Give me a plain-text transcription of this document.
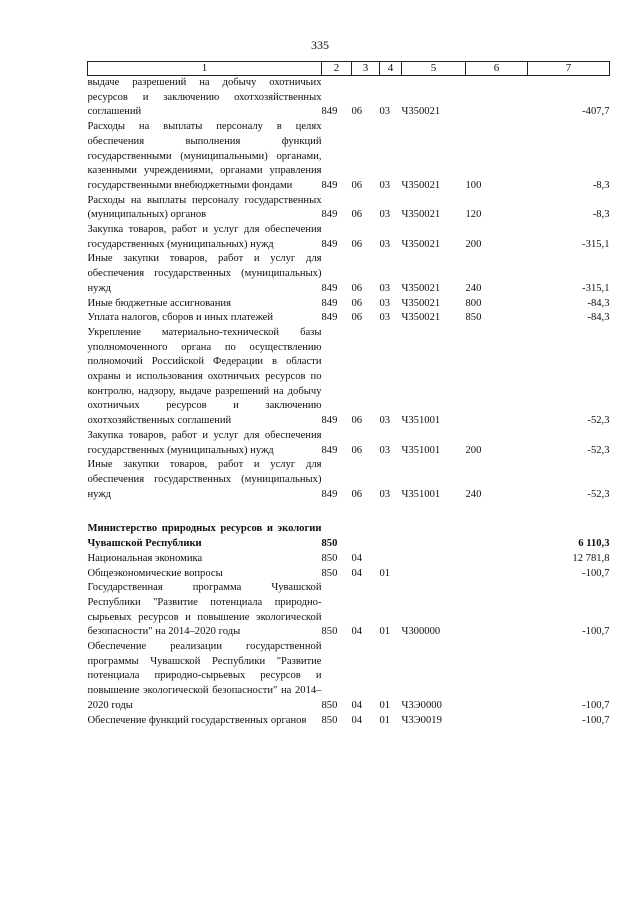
335
1	2	3	4	5	6	7
выдаче разрешений на добычу охотничьих ресурсов и заключению охотхозяйственных соглашений	849	06	03	Ч350021		-407,7
Расходы на выплаты персоналу в целях обеспечения выполнения функций государственными (муниципальными) органами, казенными учреждениями, органами управления государственными внебюджетными фондами	849	06	03	Ч350021	100	-8,3
Расходы на выплаты персоналу государственных (муниципальных) органов	849	06	03	Ч350021	120	-8,3
Закупка товаров, работ и услуг для обеспечения государственных (муниципальных) нужд	849	06	03	Ч350021	200	-315,1
Иные закупки товаров, работ и услуг для обеспечения государственных (муниципальных) нужд	849	06	03	Ч350021	240	-315,1
Иные бюджетные ассигнования	849	06	03	Ч350021	800	-84,3
Уплата налогов, сборов и иных платежей	849	06	03	Ч350021	850	-84,3
Укрепление материально-технической базы уполномоченного органа по осуществлению полномочий Российской Федерации в области охраны и использования охотничьих ресурсов по контролю, надзору, выдаче разрешений на добычу охотничьих ресурсов и заключению охотхозяйственных соглашений	849	06	03	Ч351001		-52,3
Закупка товаров, работ и услуг для обеспечения государственных (муниципальных) нужд	849	06	03	Ч351001	200	-52,3
Иные закупки товаров, работ и услуг для обеспечения государственных (муниципальных) нужд	849	06	03	Ч351001	240	-52,3

Министерство природных ресурсов и экологии Чувашской Республики	850					6 110,3
Национальная экономика	850	04				12 781,8
Общеэкономические вопросы	850	04	01			-100,7
Государственная программа Чувашской Республики "Развитие потенциала природно-сырьевых ресурсов и повышение экологической безопасности" на 2014–2020 годы	850	04	01	Ч300000		-100,7
Обеспечение реализации государственной программы Чувашской Республики "Развитие потенциала природно-сырьевых ресурсов и повышение экологической безопасности" на 2014–2020 годы	850	04	01	Ч3Э0000		-100,7
Обеспечение функций государственных органов	850	04	01	Ч3Э0019		-100,7
